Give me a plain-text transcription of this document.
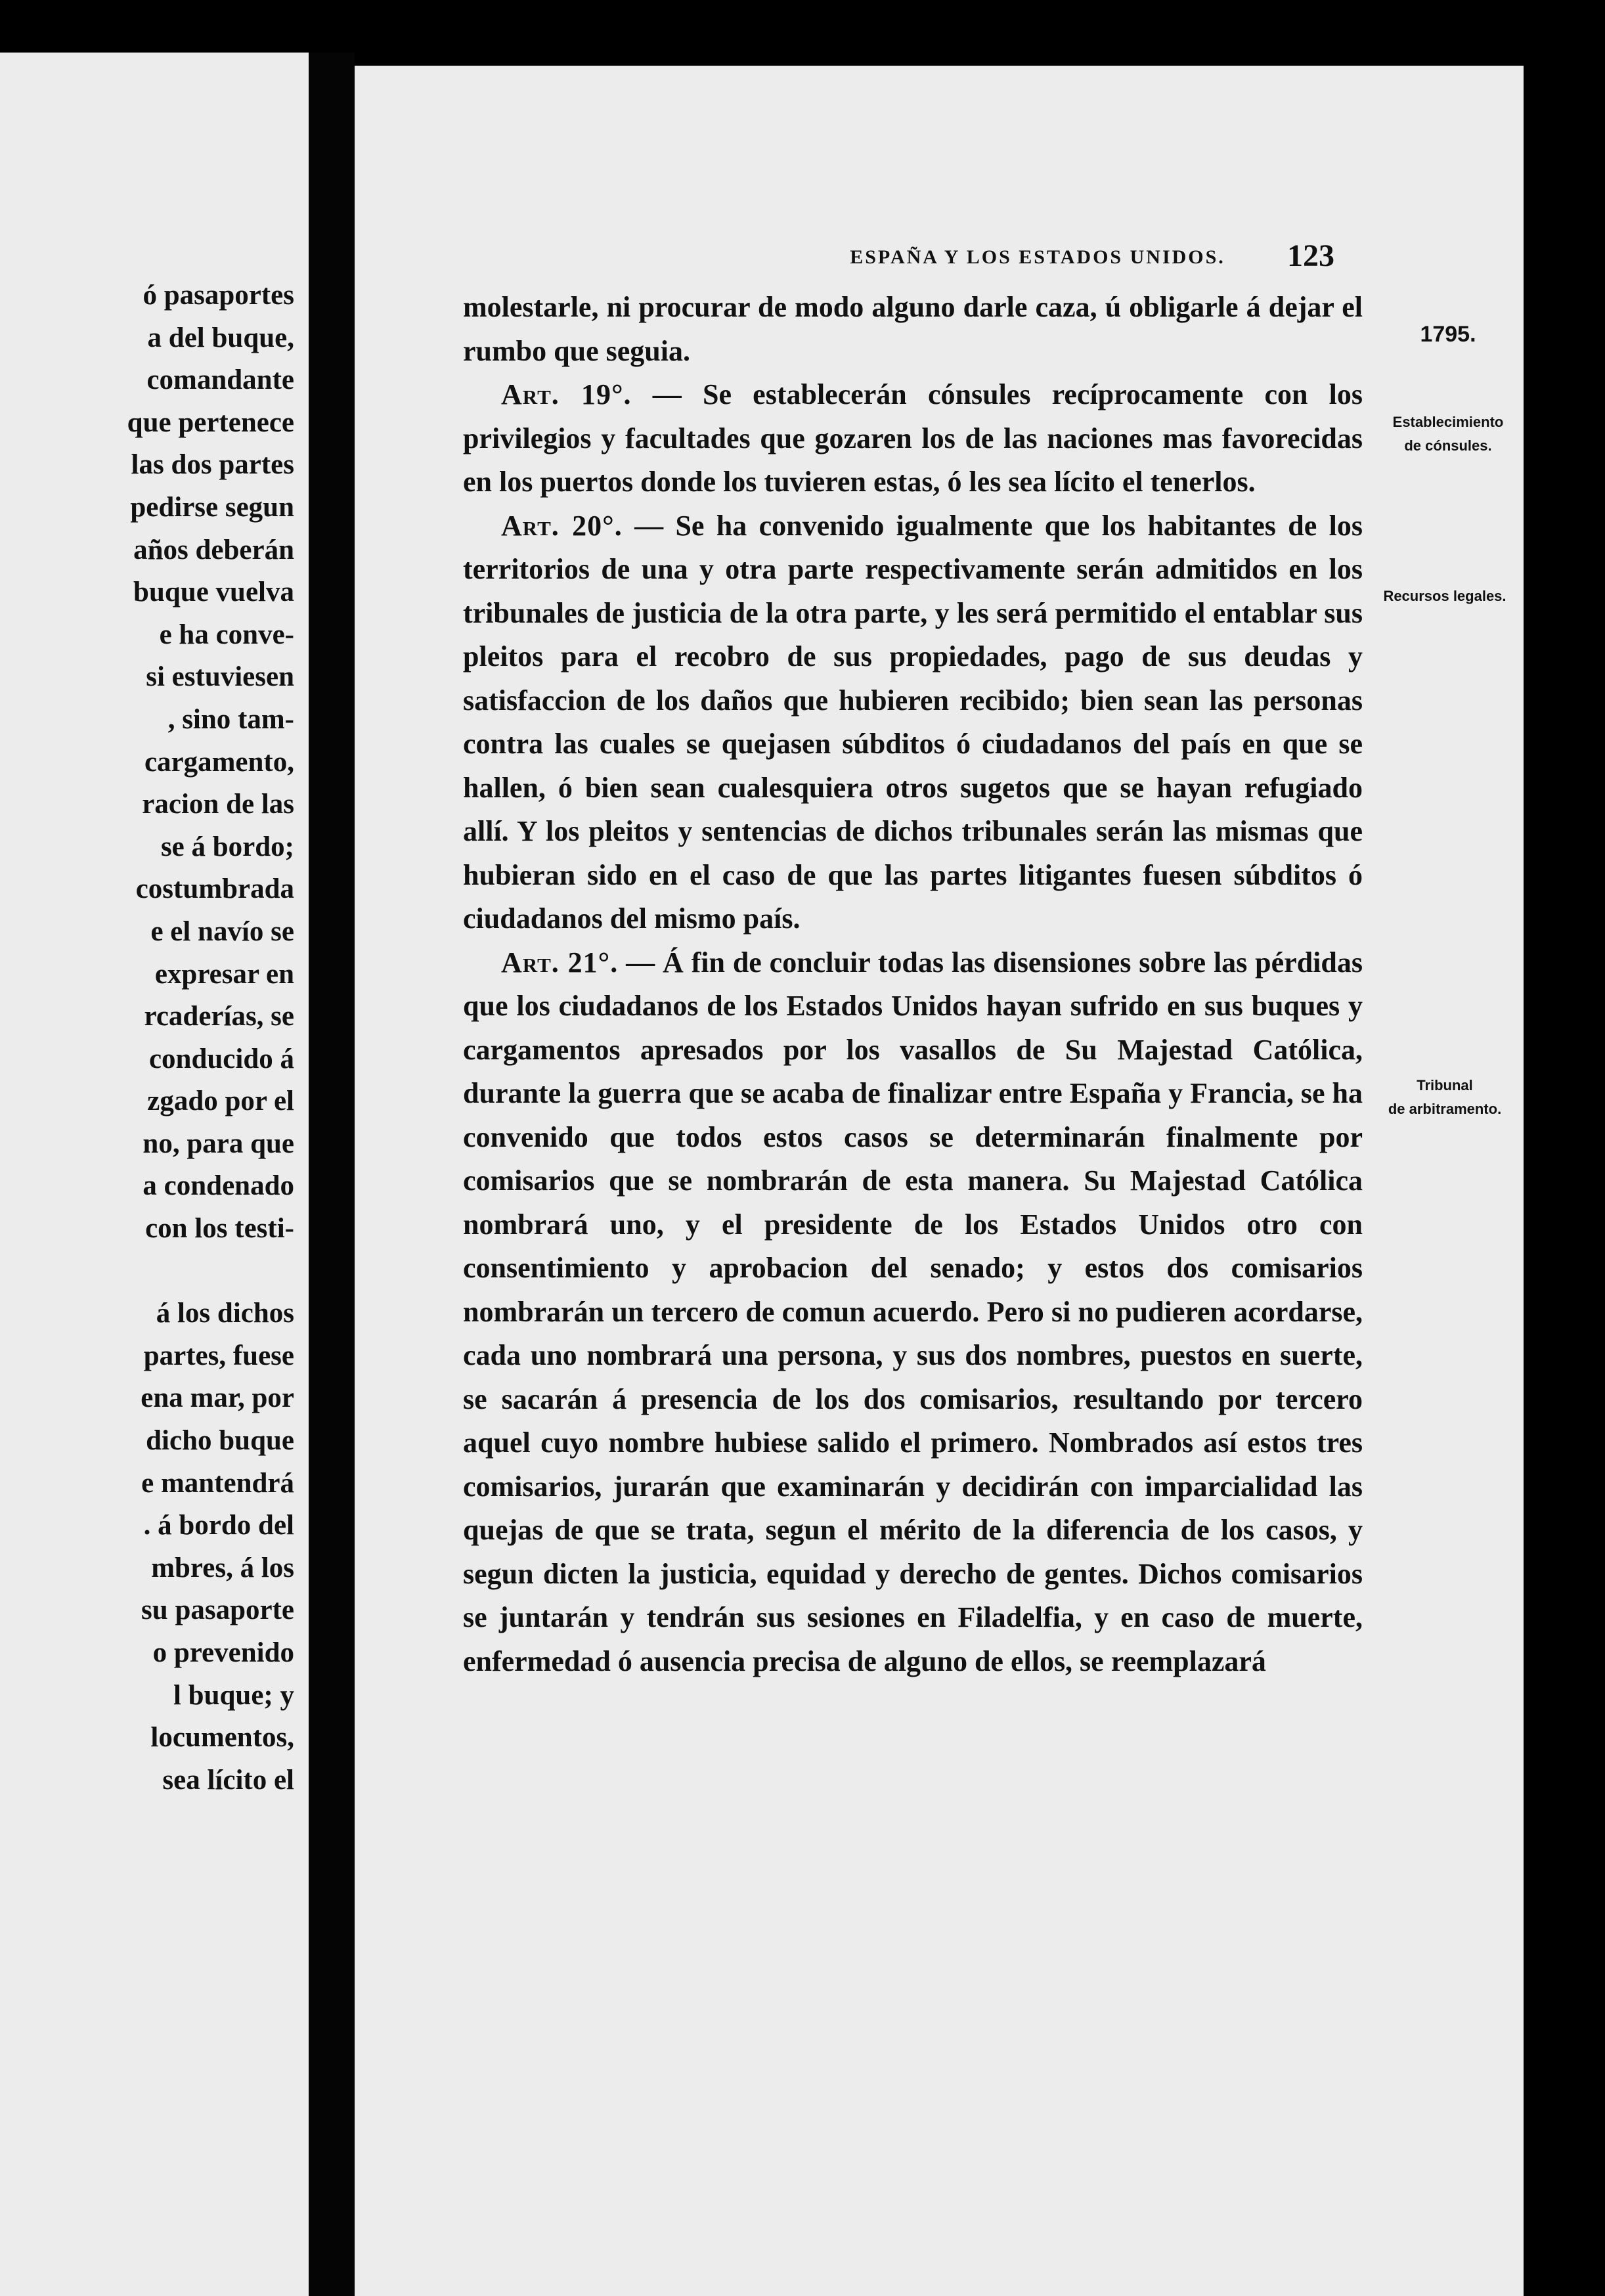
ó pasaportes
a del buque,
comandante
que pertenece
las dos partes
pedirse segun
años deberán
buque vuelva
e ha conve-
si estuviesen
, sino tam-
cargamento,
racion de las
se á bordo;
costumbrada
e el navío se
expresar en
rcaderías, se
conducido á
zgado por el
no, para que
a condenado
con los testi-
á los dichos
partes, fuese
ena mar, por
dicho buque
e mantendrá
. á bordo del
mbres, á los
su pasaporte
o prevenido
l buque; y
locumentos,
sea lícito el
ESPAÑA Y LOS ESTADOS UNIDOS.	123

molestarle, ni procurar de modo alguno darle caza, ú obligarle á dejar el rumbo que seguia.

Art. 19°. — Se establecerán cónsules recíprocamente con los privilegios y facultades que gozaren los de las naciones mas favorecidas en los puertos donde los tuvieren estas, ó les sea lícito el tenerlos.

Art. 20°. — Se ha convenido igualmente que los habitantes de los territorios de una y otra parte respectivamente serán admitidos en los tribunales de justicia de la otra parte, y les será permitido el entablar sus pleitos para el recobro de sus propiedades, pago de sus deudas y satisfaccion de los daños que hubieren recibido; bien sean las personas contra las cuales se quejasen súbditos ó ciudadanos del país en que se hallen, ó bien sean cualesquiera otros sugetos que se hayan refugiado allí. Y los pleitos y sentencias de dichos tribunales serán las mismas que hubieran sido en el caso de que las partes litigantes fuesen súbditos ó ciudadanos del mismo país.

Art. 21°. — Á fin de concluir todas las disensiones sobre las pérdidas que los ciudadanos de los Estados Unidos hayan sufrido en sus buques y cargamentos apresados por los vasallos de Su Majestad Católica, durante la guerra que se acaba de finalizar entre España y Francia, se ha convenido que todos estos casos se determinarán finalmente por comisarios que se nombrarán de esta manera. Su Majestad Católica nombrará uno, y el presidente de los Estados Unidos otro con consentimiento y aprobacion del senado; y estos dos comisarios nombrarán un tercero de comun acuerdo. Pero si no pudieren acordarse, cada uno nombrará una persona, y sus dos nombres, puestos en suerte, se sacarán á presencia de los dos comisarios, resultando por tercero aquel cuyo nombre hubiese salido el primero. Nombrados así estos tres comisarios, jurarán que examinarán y decidirán con imparcialidad las quejas de que se trata, segun el mérito de la diferencia de los casos, y segun dicten la justicia, equidad y derecho de gentes. Dichos comisarios se juntarán y tendrán sus sesiones en Filadelfia, y en caso de muerte, enfermedad ó ausencia precisa de alguno de ellos, se reemplazará

1795.
Establecimiento
de cónsules.
Recursos legales.
Tribunal
de arbitramento.
